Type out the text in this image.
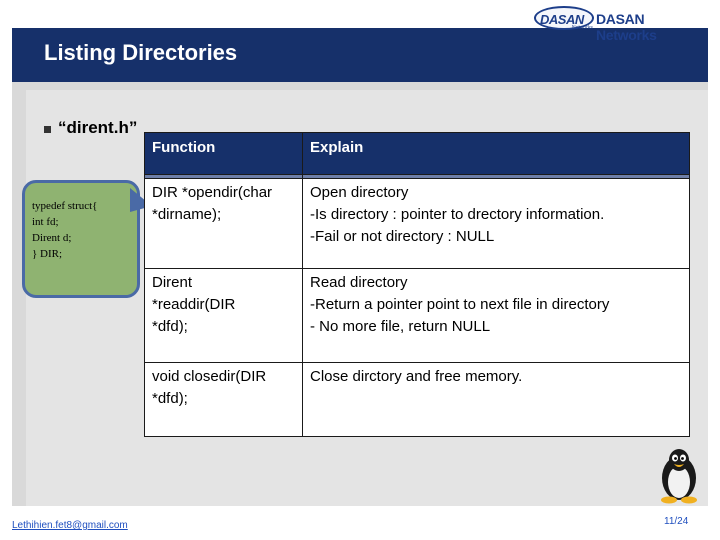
Listing Directories
DASAN
Networks
DASAN Networks
“dirent.h”
typedef struct{
int fd;
Dirent d;
} DIR;
Function	Explain

DIR *opendir(char
*dirname);	Open directory
-Is directory : pointer to drectory information.
-Fail or not directory : NULL

Dirent
*readdir(DIR
*dfd);	Read directory
-Return a pointer point to next file in directory
- No more file, return NULL

void closedir(DIR
*dfd);	Close dirctory and free memory.
Lethihien.fet8@gmail.com	11/24
